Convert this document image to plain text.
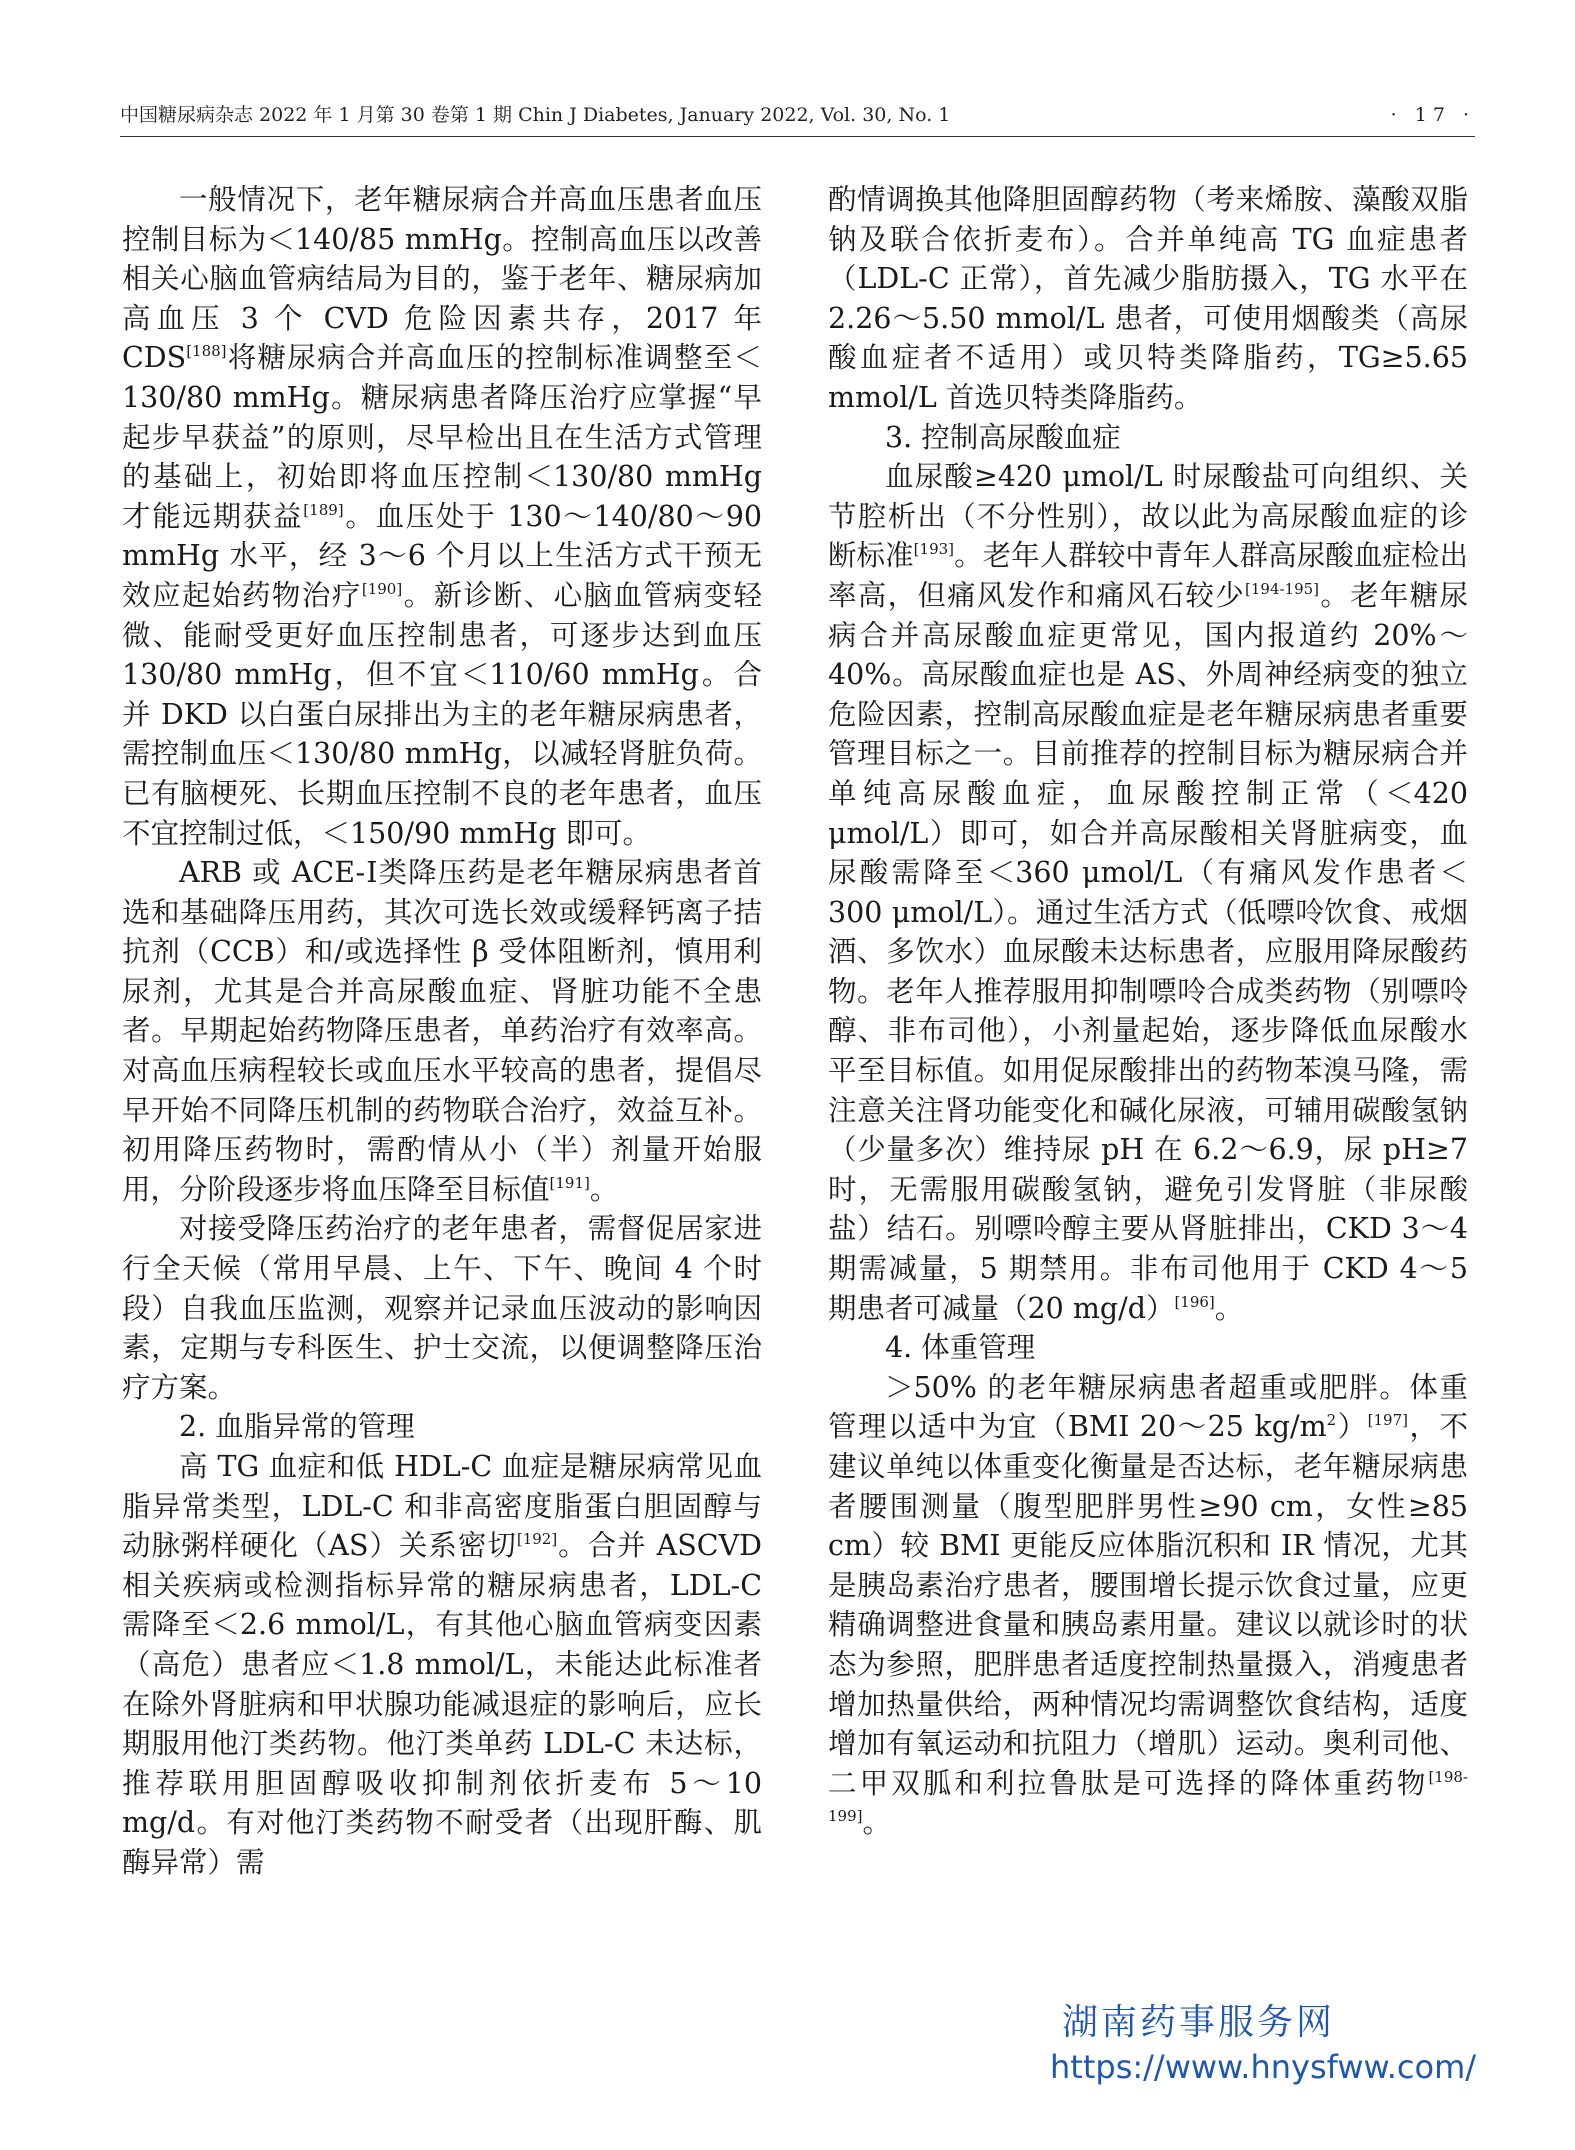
中国糖尿病杂志 2022 年 1 月第 30 卷第 1 期 Chin J Diabetes, January 2022, Vol. 30, No. 1	· 17 ·

一般情况下，老年糖尿病合并高血压患者血压控制目标为＜140/85 mmHg。控制高血压以改善相关心脑血管病结局为目的，鉴于老年、糖尿病加高血压 3 个 CVD 危险因素共存，2017 年 CDS[188]将糖尿病合并高血压的控制标准调整至＜130/80 mmHg。糖尿病患者降压治疗应掌握“早起步早获益”的原则，尽早检出且在生活方式管理的基础上，初始即将血压控制＜130/80 mmHg 才能远期获益[189]。血压处于 130～140/80～90 mmHg 水平，经 3～6 个月以上生活方式干预无效应起始药物治疗[190]。新诊断、心脑血管病变轻微、能耐受更好血压控制患者，可逐步达到血压 130/80 mmHg，但不宜＜110/60 mmHg。合并 DKD 以白蛋白尿排出为主的老年糖尿病患者，需控制血压＜130/80 mmHg，以减轻肾脏负荷。已有脑梗死、长期血压控制不良的老年患者，血压不宜控制过低，＜150/90 mmHg 即可。

ARB 或 ACE-Ⅰ类降压药是老年糖尿病患者首选和基础降压用药，其次可选长效或缓释钙离子拮抗剂（CCB）和/或选择性 β 受体阻断剂，慎用利尿剂，尤其是合并高尿酸血症、肾脏功能不全患者。早期起始药物降压患者，单药治疗有效率高。对高血压病程较长或血压水平较高的患者，提倡尽早开始不同降压机制的药物联合治疗，效益互补。初用降压药物时，需酌情从小（半）剂量开始服用，分阶段逐步将血压降至目标值[191]。

对接受降压药治疗的老年患者，需督促居家进行全天候（常用早晨、上午、下午、晚间 4 个时段）自我血压监测，观察并记录血压波动的影响因素，定期与专科医生、护士交流，以便调整降压治疗方案。

2. 血脂异常的管理

高 TG 血症和低 HDL-C 血症是糖尿病常见血脂异常类型，LDL-C 和非高密度脂蛋白胆固醇与动脉粥样硬化（AS）关系密切[192]。合并 ASCVD 相关疾病或检测指标异常的糖尿病患者，LDL-C 需降至＜2.6 mmol/L，有其他心脑血管病变因素（高危）患者应＜1.8 mmol/L，未能达此标准者在除外肾脏病和甲状腺功能减退症的影响后，应长期服用他汀类药物。他汀类单药 LDL-C 未达标，推荐联用胆固醇吸收抑制剂依折麦布 5～10 mg/d。有对他汀类药物不耐受者（出现肝酶、肌酶异常）需

酌情调换其他降胆固醇药物（考来烯胺、藻酸双脂钠及联合依折麦布）。合并单纯高 TG 血症患者（LDL-C 正常），首先减少脂肪摄入，TG 水平在 2.26～5.50 mmol/L 患者，可使用烟酸类（高尿酸血症者不适用）或贝特类降脂药，TG≥5.65 mmol/L 首选贝特类降脂药。

3. 控制高尿酸血症

血尿酸≥420 μmol/L 时尿酸盐可向组织、关节腔析出（不分性别），故以此为高尿酸血症的诊断标准[193]。老年人群较中青年人群高尿酸血症检出率高，但痛风发作和痛风石较少[194-195]。老年糖尿病合并高尿酸血症更常见，国内报道约 20%～40%。高尿酸血症也是 AS、外周神经病变的独立危险因素，控制高尿酸血症是老年糖尿病患者重要管理目标之一。目前推荐的控制目标为糖尿病合并单纯高尿酸血症，血尿酸控制正常（＜420 μmol/L）即可，如合并高尿酸相关肾脏病变，血尿酸需降至＜360 μmol/L（有痛风发作患者＜300 μmol/L）。通过生活方式（低嘌呤饮食、戒烟酒、多饮水）血尿酸未达标患者，应服用降尿酸药物。老年人推荐服用抑制嘌呤合成类药物（别嘌呤醇、非布司他），小剂量起始，逐步降低血尿酸水平至目标值。如用促尿酸排出的药物苯溴马隆，需注意关注肾功能变化和碱化尿液，可辅用碳酸氢钠（少量多次）维持尿 pH 在 6.2～6.9，尿 pH≥7 时，无需服用碳酸氢钠，避免引发肾脏（非尿酸盐）结石。别嘌呤醇主要从肾脏排出，CKD 3～4 期需减量，5 期禁用。非布司他用于 CKD 4～5 期患者可减量（20 mg/d）[196]。

4. 体重管理

＞50% 的老年糖尿病患者超重或肥胖。体重管理以适中为宜（BMI 20～25 $kg/m^2)[197]$，不建议单纯以体重变化衡量是否达标，老年糖尿病患者腰围测量（腹型肥胖男性≥90 cm，女性≥85 cm）较 BMI 更能反应体脂沉积和 IR 情况，尤其是胰岛素治疗患者，腰围增长提示饮食过量，应更精确调整进食量和胰岛素用量。建议以就诊时的状态为参照，肥胖患者适度控制热量摄入，消瘦患者增加热量供给，两种情况均需调整饮食结构，适度增加有氧运动和抗阻力（增肌）运动。奥利司他、二甲双胍和利拉鲁肽是可选择的降体重药物[198-199]。

湖南药事服务网
https://www.hnysfww.com/
